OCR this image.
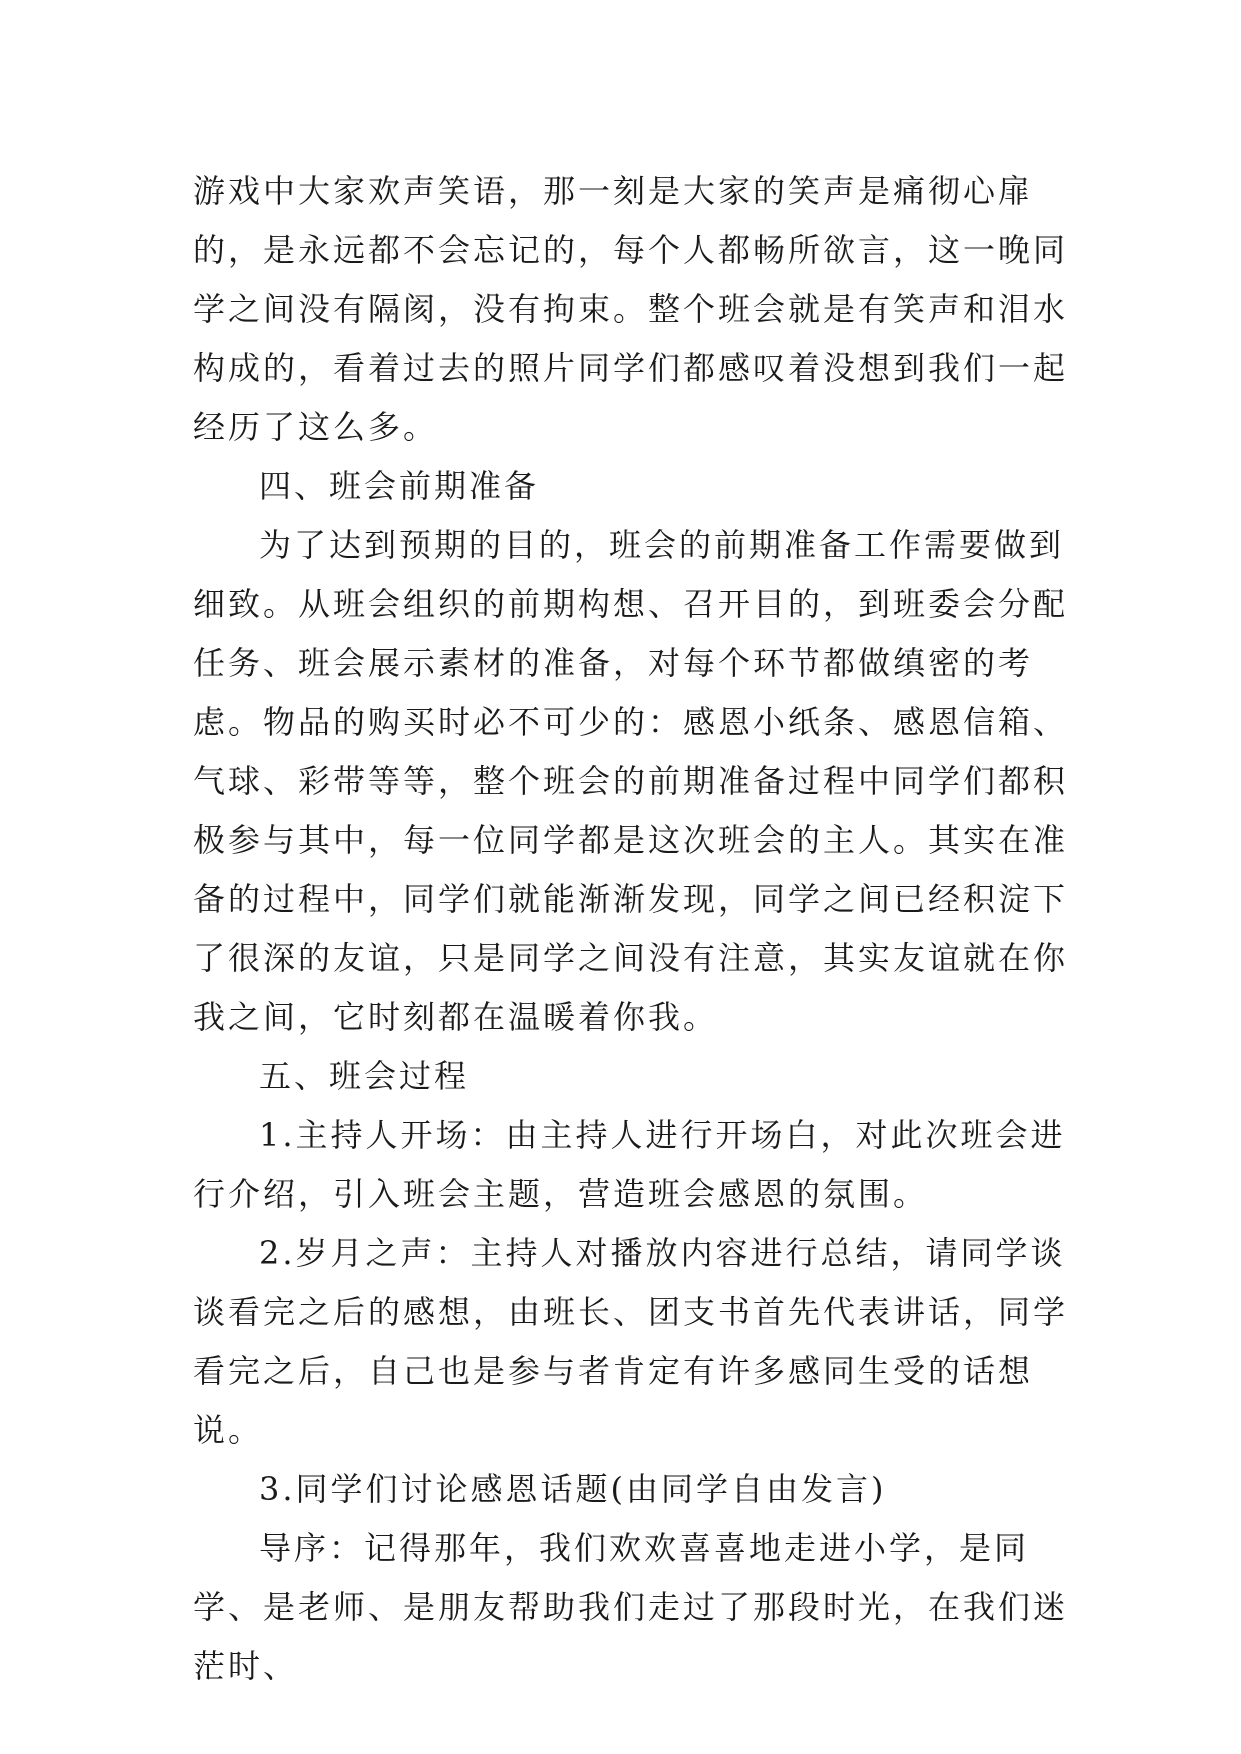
游戏中大家欢声笑语，那一刻是大家的笑声是痛彻心扉的，是永远都不会忘记的，每个人都畅所欲言，这一晚同学之间没有隔阂，没有拘束。整个班会就是有笑声和泪水构成的，看着过去的照片同学们都感叹着没想到我们一起经历了这么多。

四、班会前期准备

为了达到预期的目的，班会的前期准备工作需要做到细致。从班会组织的前期构想、召开目的，到班委会分配任务、班会展示素材的准备，对每个环节都做缜密的考虑。物品的购买时必不可少的：感恩小纸条、感恩信箱、气球、彩带等等，整个班会的前期准备过程中同学们都积极参与其中，每一位同学都是这次班会的主人。其实在准备的过程中，同学们就能渐渐发现，同学之间已经积淀下了很深的友谊，只是同学之间没有注意，其实友谊就在你我之间，它时刻都在温暖着你我。

五、班会过程

1.主持人开场：由主持人进行开场白，对此次班会进行介绍，引入班会主题，营造班会感恩的氛围。

2.岁月之声：主持人对播放内容进行总结，请同学谈谈看完之后的感想，由班长、团支书首先代表讲话，同学看完之后，自己也是参与者肯定有许多感同生受的话想说。

3.同学们讨论感恩话题(由同学自由发言)

导序：记得那年，我们欢欢喜喜地走进小学，是同学、是老师、是朋友帮助我们走过了那段时光，在我们迷茫时、
